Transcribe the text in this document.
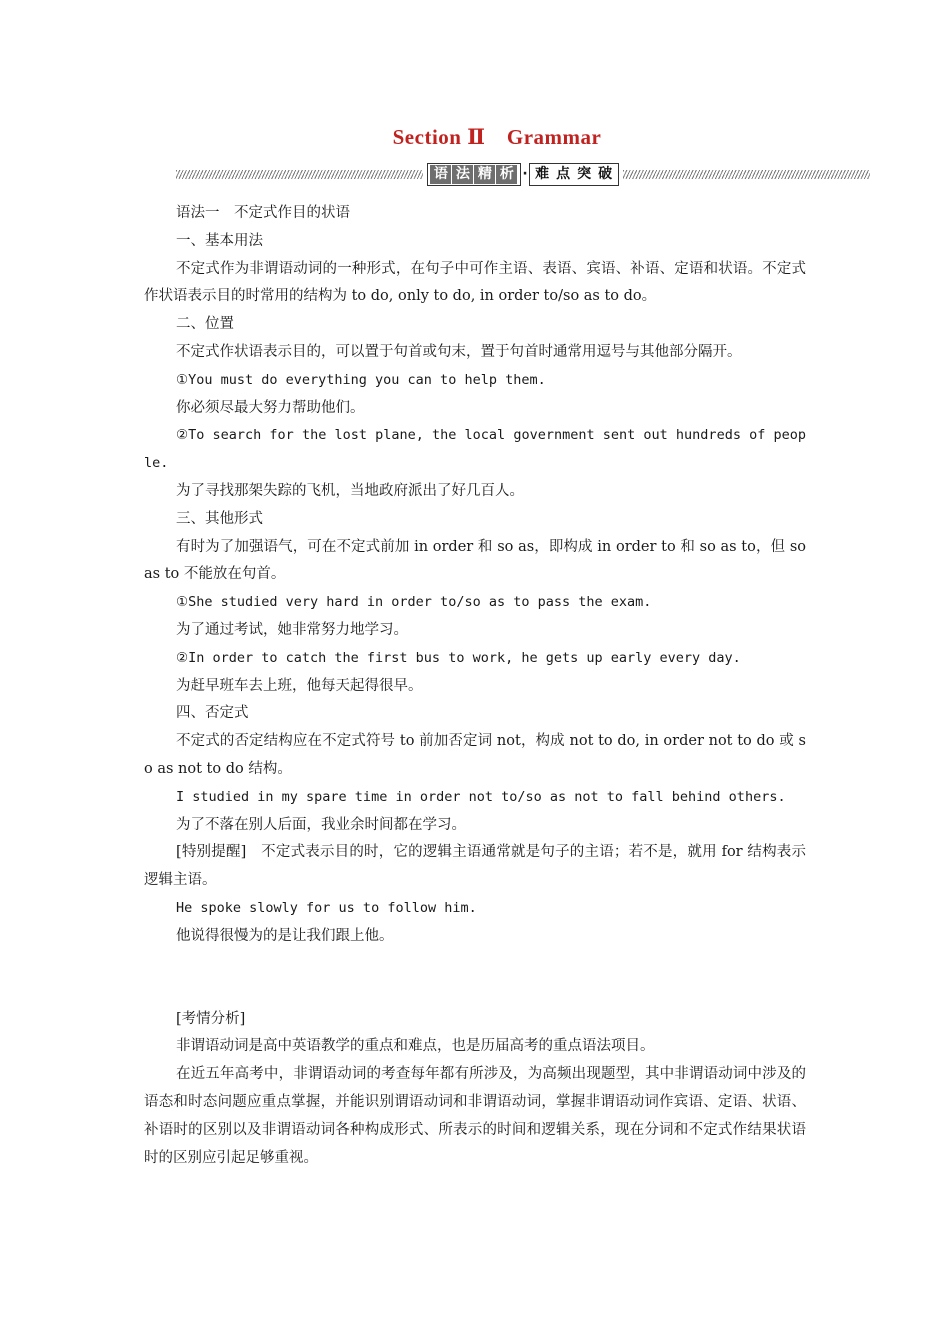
Section Ⅱ　Grammar
语 法 精 析 · 难 点 突 破

语法一　不定式作目的状语

一、基本用法

不定式作为非谓语动词的一种形式，在句子中可作主语、表语、宾语、补语、定语和状语。不定式作状语表示目的时常用的结构为 to do, only to do, in order to/so as to do。

二、位置

不定式作状语表示目的，可以置于句首或句末，置于句首时通常用逗号与其他部分隔开。

①You must do everything you can to help them.

你必须尽最大努力帮助他们。

②To search for the lost plane, the local government sent out hundreds of people.

为了寻找那架失踪的飞机，当地政府派出了好几百人。

三、其他形式

有时为了加强语气，可在不定式前加 in order 和 so as，即构成 in order to 和 so as to，但 so as to 不能放在句首。

①She studied very hard in order to/so as to pass the exam.

为了通过考试，她非常努力地学习。

②In order to catch the first bus to work, he gets up early every day.

为赶早班车去上班，他每天起得很早。

四、否定式

不定式的否定结构应在不定式符号 to 前加否定词 not，构成 not to do, in order not to do 或 so as not to do 结构。

I studied in my spare time in order not to/so as not to fall behind others.

为了不落在别人后面，我业余时间都在学习。

[特别提醒]　不定式表示目的时，它的逻辑主语通常就是句子的主语；若不是，就用 for 结构表示逻辑主语。

He spoke slowly for us to follow him.

他说得很慢为的是让我们跟上他。

[考情分析]

非谓语动词是高中英语教学的重点和难点，也是历届高考的重点语法项目。

在近五年高考中，非谓语动词的考查每年都有所涉及，为高频出现题型，其中非谓语动词中涉及的语态和时态问题应重点掌握，并能识别谓语动词和非谓语动词，掌握非谓语动词作宾语、定语、状语、补语时的区别以及非谓语动词各种构成形式、所表示的时间和逻辑关系，现在分词和不定式作结果状语时的区别应引起足够重视。
